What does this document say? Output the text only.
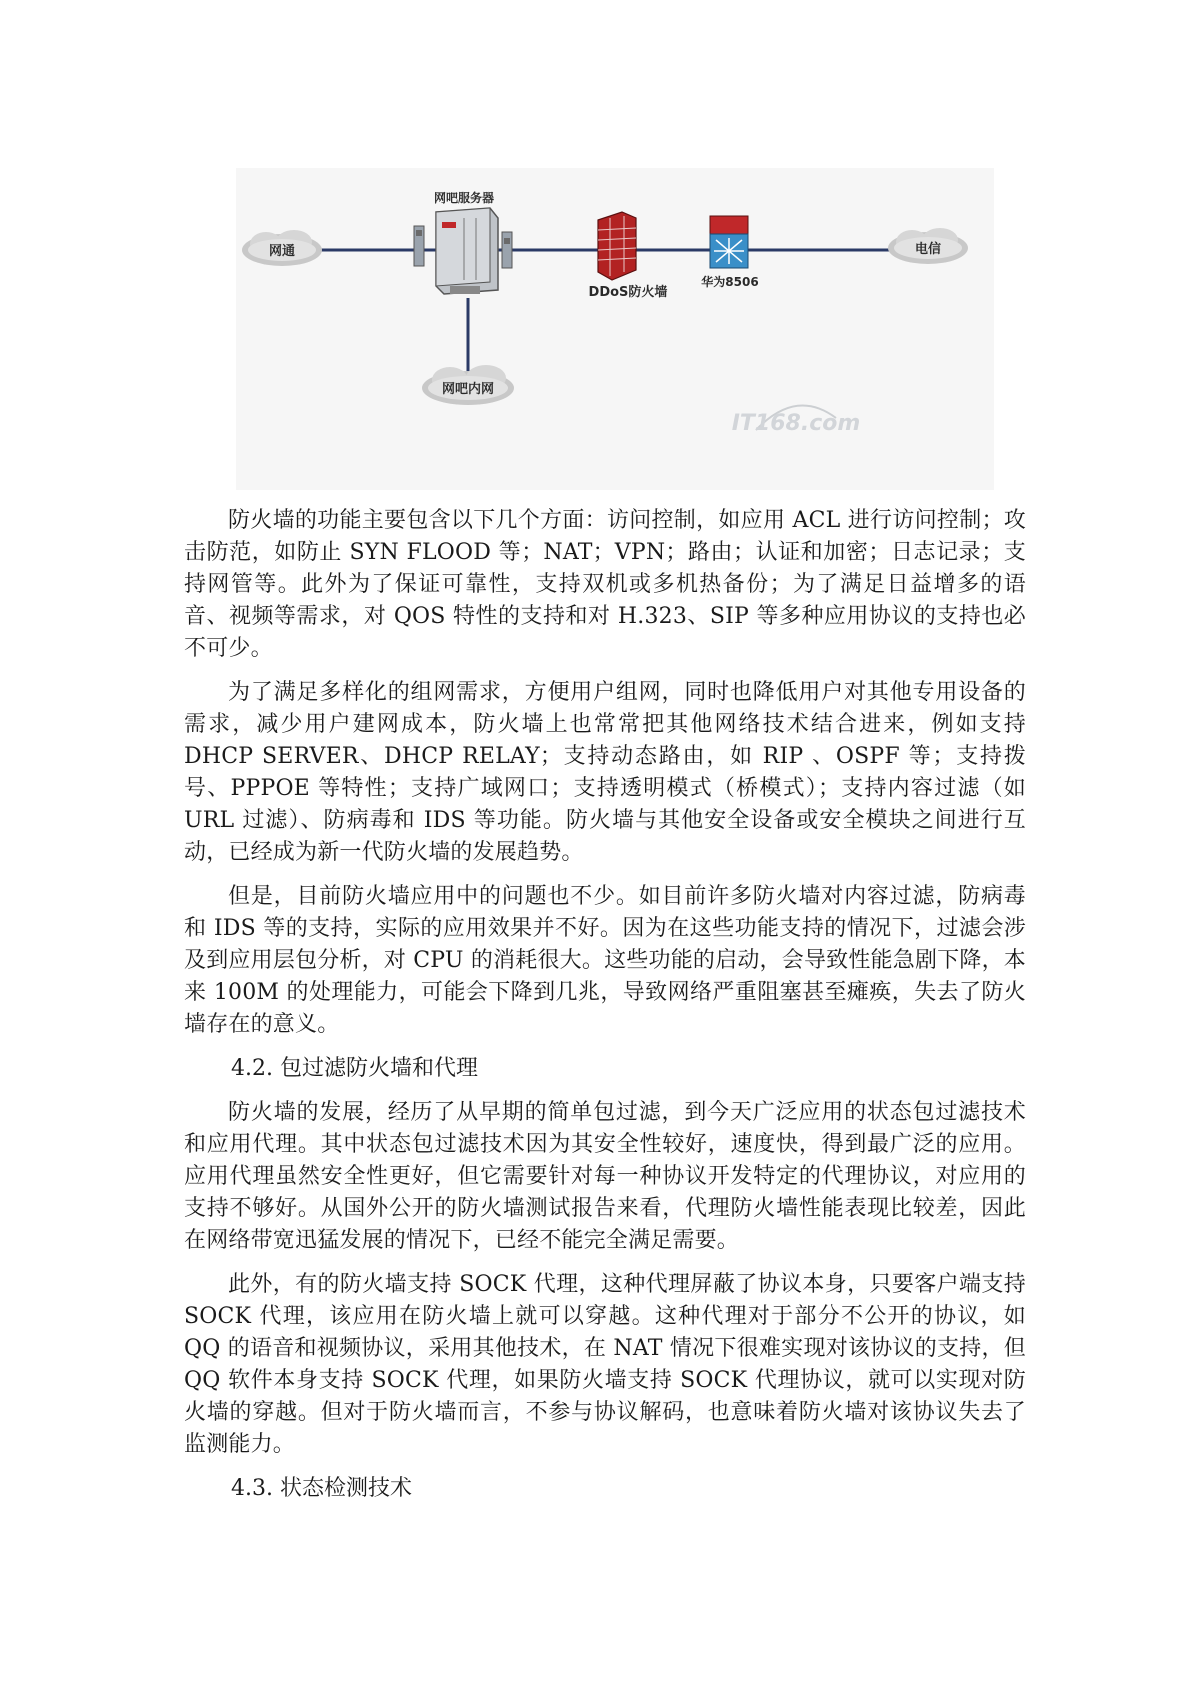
网通
网吧服务器
DDoS防火墙
华为8506
电信
网吧内网
IT168.com

防火墙的功能主要包含以下几个方面：访问控制，如应用 ACL 进行访问控制；攻击防范，如防止 SYN FLOOD 等；NAT；VPN；路由；认证和加密；日志记录；支持网管等。此外为了保证可靠性，支持双机或多机热备份；为了满足日益增多的语音、视频等需求，对 QOS 特性的支持和对 H.323、SIP 等多种应用协议的支持也必不可少。

为了满足多样化的组网需求，方便用户组网，同时也降低用户对其他专用设备的需求，减少用户建网成本，防火墙上也常常把其他网络技术结合进来，例如支持 DHCP SERVER、DHCP RELAY；支持动态路由，如 RIP 、OSPF 等；支持拨号、PPPOE 等特性；支持广域网口；支持透明模式（桥模式）；支持内容过滤（如 URL 过滤）、防病毒和 IDS 等功能。防火墙与其他安全设备或安全模块之间进行互动，已经成为新一代防火墙的发展趋势。

但是，目前防火墙应用中的问题也不少。如目前许多防火墙对内容过滤，防病毒和 IDS 等的支持，实际的应用效果并不好。因为在这些功能支持的情况下，过滤会涉及到应用层包分析，对 CPU 的消耗很大。这些功能的启动，会导致性能急剧下降，本来 100M 的处理能力，可能会下降到几兆，导致网络严重阻塞甚至瘫痪，失去了防火墙存在的意义。

4.2. 包过滤防火墙和代理

防火墙的发展，经历了从早期的简单包过滤，到今天广泛应用的状态包过滤技术和应用代理。其中状态包过滤技术因为其安全性较好，速度快，得到最广泛的应用。应用代理虽然安全性更好，但它需要针对每一种协议开发特定的代理协议，对应用的支持不够好。从国外公开的防火墙测试报告来看，代理防火墙性能表现比较差，因此在网络带宽迅猛发展的情况下，已经不能完全满足需要。

此外，有的防火墙支持 SOCK 代理，这种代理屏蔽了协议本身，只要客户端支持 SOCK 代理，该应用在防火墙上就可以穿越。这种代理对于部分不公开的协议，如 QQ 的语音和视频协议，采用其他技术，在 NAT 情况下很难实现对该协议的支持，但 QQ 软件本身支持 SOCK 代理，如果防火墙支持 SOCK 代理协议，就可以实现对防火墙的穿越。但对于防火墙而言，不参与协议解码，也意味着防火墙对该协议失去了监测能力。

4.3. 状态检测技术
